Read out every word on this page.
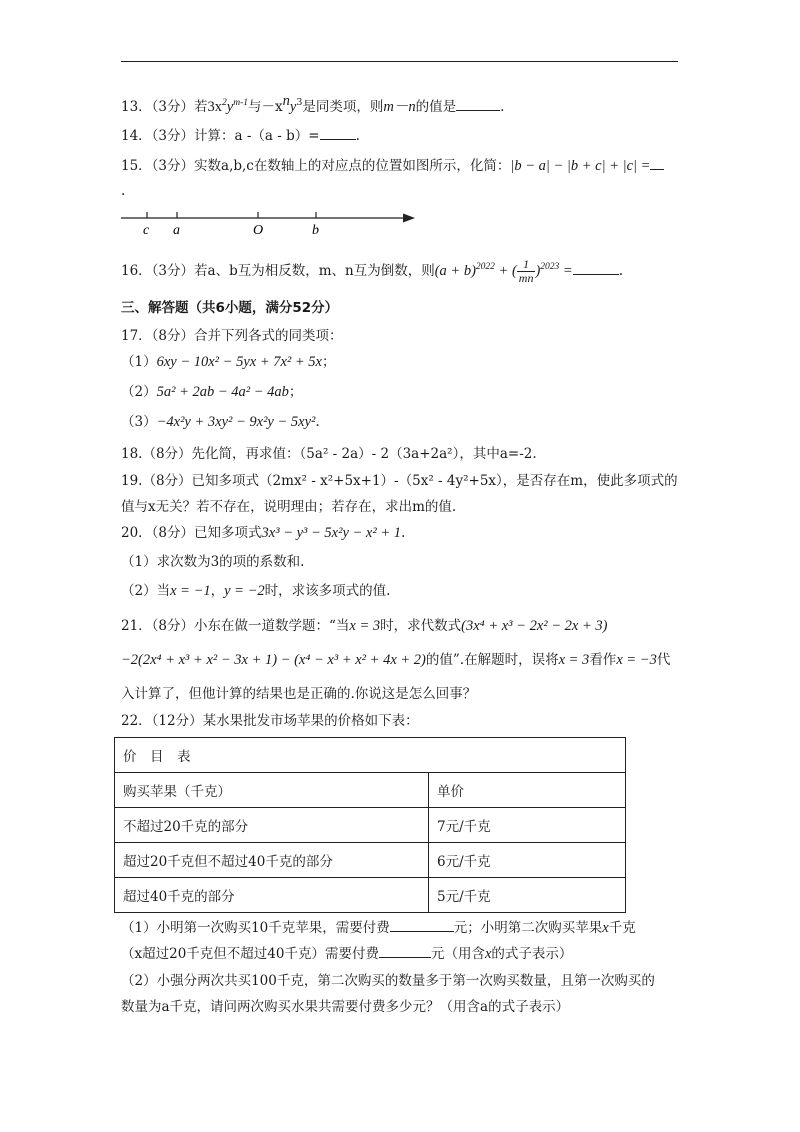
13．（3分）若$3x^2y^{m-1}$与$-x^ny^3$是同类项，则m－n的值是	.
14．（3分）计算：a -（a - b）=	.
15．（3分）实数a,b,c在数轴上的对应点的位置如图所示，化简：|b − a| − |b + c| + |c| =
.
c a	O	b
16．（3分）若a、b互为相反数，m、n互为倒数，则$(a + b)^{2022}$ + ( $\frac{1}{mn} )^{2023}$ =	.
三、解答题（共6小题，满分52分）
17．（8分）合并下列各式的同类项：
（1）6xy − 10x² − 5yx + 7x² + 5x；
（2）5a² + 2ab − 4a² − 4ab；
（3）−4x²y + 3xy² − 9x²y − 5xy².
18.（8分）先化简，再求值：（5a² - 2a）- 2（3a+2a²），其中a=-2.
19.（8分）已知多项式（2mx² - x²+5x+1）-（5x² - 4y²+5x），是否存在m，使此多项式的
值与x无关？若不存在，说明理由；若存在，求出m的值.
20．（8分）已知多项式3x³ − y³ − 5x²y − x² + 1.
（1）求次数为3的项的系数和.
（2）当x = −1，y = −2时，求该多项式的值.
21．（8分）小东在做一道数学题：“当x = 3时，求代数式(3x⁴ + x³ − 2x² − 2x + 3)
−2(2x⁴ + x³ + x² − 3x + 1) − (x⁴ − x³ + x² + 4x + 2)的值”.在解题时，误将x = 3看作x = −3代
入计算了，但他计算的结果也是正确的.你说这是怎么回事？
22．（12分）某水果批发市场苹果的价格如下表：
价　目　表	
购买苹果（千克）	单价
不超过20千克的部分	7元/千克
超过20千克但不超过40千克的部分	6元/千克
超过40千克的部分	5元/千克
（1）小明第一次购买10千克苹果，需要付费	元；小明第二次购买苹果x千克
（x超过20千克但不超过40千克）需要付费	元（用含x的式子表示）
（2）小强分两次共买100千克，第二次购买的数量多于第一次购买数量，且第一次购买的
数量为a千克，请问两次购买水果共需要付费多少元？（用含a的式子表示）
